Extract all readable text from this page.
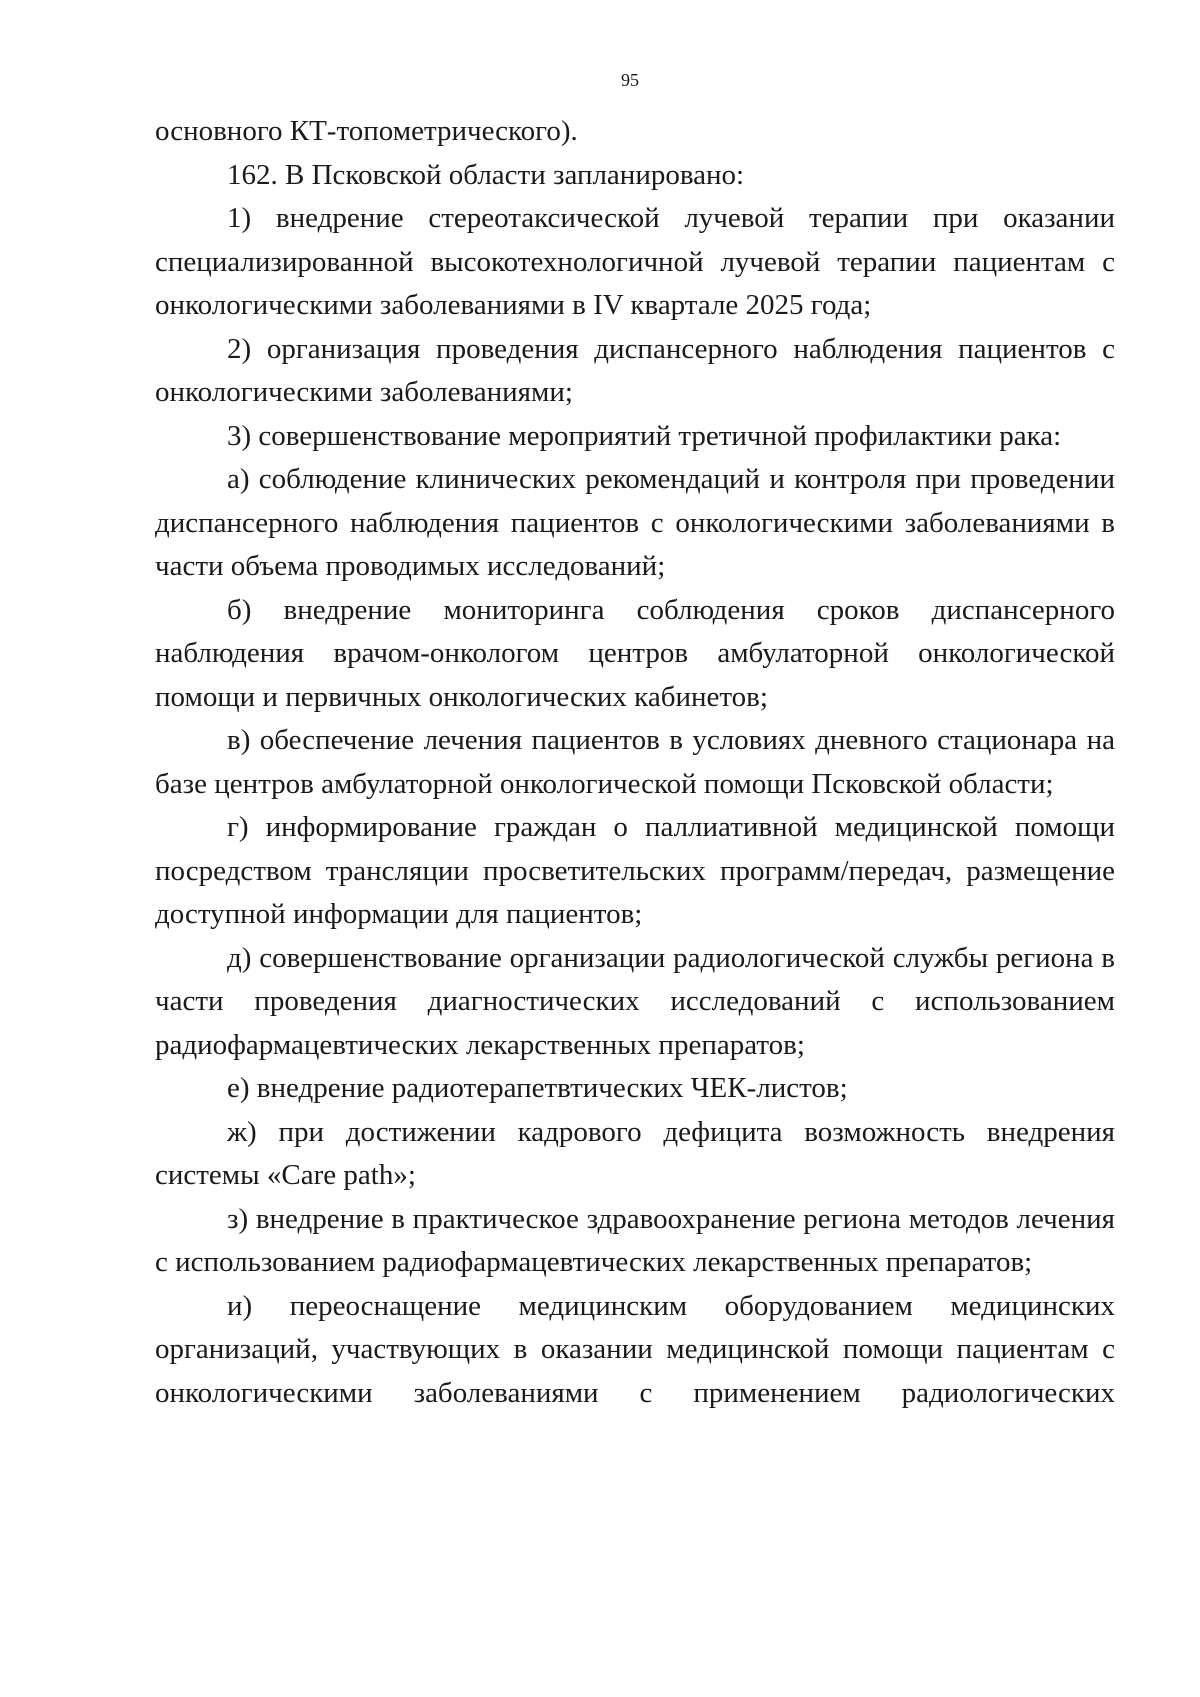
95

основного КТ-топометрического).

162. В Псковской области запланировано:

1) внедрение стереотаксической лучевой терапии при оказании специализированной высокотехнологичной лучевой терапии пациентам с онкологическими заболеваниями в IV квартале 2025 года;

2) организация проведения диспансерного наблюдения пациентов с онкологическими заболеваниями;

3) совершенствование мероприятий третичной профилактики рака:

а) соблюдение клинических рекомендаций и контроля при проведении диспансерного наблюдения пациентов с онкологическими заболеваниями в части объема проводимых исследований;

б) внедрение мониторинга соблюдения сроков диспансерного наблюдения врачом-онкологом центров амбулаторной онкологической помощи и первичных онкологических кабинетов;

в) обеспечение лечения пациентов в условиях дневного стационара на базе центров амбулаторной онкологической помощи Псковской области;

г) информирование граждан о паллиативной медицинской помощи посредством трансляции просветительских программ/передач, размещение доступной информации для пациентов;

д) совершенствование организации радиологической службы региона в части проведения диагностических исследований с использованием радиофармацевтических лекарственных препаратов;

е) внедрение радиотерапетвтических ЧЕК-листов;

ж) при достижении кадрового дефицита возможность внедрения системы «Care path»;

з) внедрение в практическое здравоохранение региона методов лечения с использованием радиофармацевтических лекарственных препаратов;

и) переоснащение медицинским оборудованием медицинских организаций, участвующих в оказании медицинской помощи пациентам с онкологическими заболеваниями с применением радиологических
